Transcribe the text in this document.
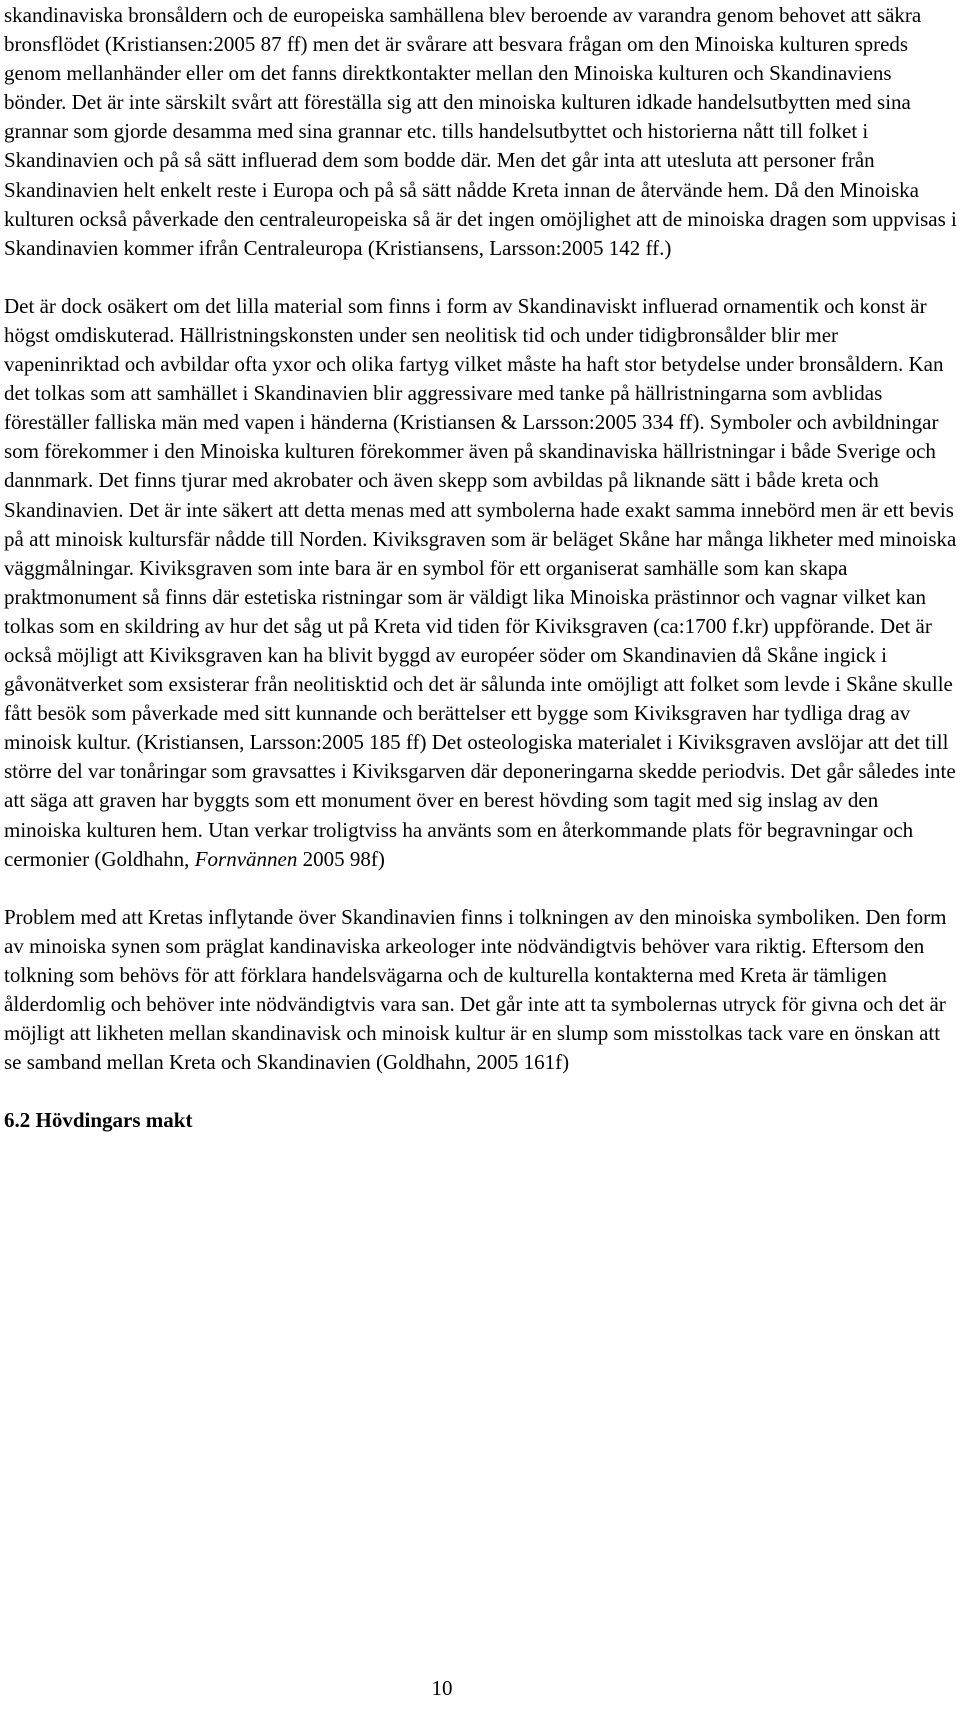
skandinaviska bronsåldern och de europeiska samhällena blev beroende av varandra genom behovet att säkra bronsflödet (Kristiansen:2005 87 ff) men det är svårare att besvara frågan om den Minoiska kulturen spreds genom mellanhänder eller om det fanns direktkontakter mellan den Minoiska kulturen och Skandinaviens bönder. Det är inte särskilt svårt att föreställa sig att den minoiska kulturen idkade handelsutbytten med sina grannar som gjorde desamma med sina grannar etc. tills handelsutbyttet och historierna nått till folket i Skandinavien och på så sätt influerad dem som bodde där. Men det går inta att utesluta att personer från Skandinavien helt enkelt reste i Europa och på så sätt nådde Kreta innan de återvände hem. Då den Minoiska kulturen också påverkade den centraleuropeiska så är det ingen omöjlighet att de minoiska dragen som uppvisas i Skandinavien kommer ifrån Centraleuropa (Kristiansens, Larsson:2005 142 ff.)

Det är dock osäkert om det lilla material som finns i form av Skandinaviskt influerad ornamentik och konst är högst omdiskuterad. Hällristningskonsten under sen neolitisk tid och under tidigbronsålder blir mer vapeninriktad och avbildar ofta yxor och olika fartyg vilket måste ha haft stor betydelse under bronsåldern. Kan det tolkas som att samhället i Skandinavien blir aggressivare med tanke på hällristningarna som avblidas föreställer falliska män med vapen i händerna (Kristiansen & Larsson:2005 334 ff). Symboler och avbildningar som förekommer i den Minoiska kulturen förekommer även på skandinaviska hällristningar i både Sverige och dannmark. Det finns tjurar med akrobater och även skepp som avbildas på liknande sätt i både kreta och Skandinavien. Det är inte säkert att detta menas med att symbolerna hade exakt samma innebörd men är ett bevis på att minoisk kultursfär nådde till Norden. Kiviksgraven som är beläget Skåne har många likheter med minoiska väggmålningar. Kiviksgraven som inte bara är en symbol för ett organiserat samhälle som kan skapa praktmonument så finns där estetiska ristningar som är väldigt lika Minoiska prästinnor och vagnar vilket kan tolkas som en skildring av hur det såg ut på Kreta vid tiden för Kiviksgraven (ca:1700 f.kr) uppförande. Det är också möjligt att Kiviksgraven kan ha blivit byggd av européer söder om Skandinavien då Skåne ingick i gåvonätverket som exsisterar från neolitisktid och det är sålunda inte omöjligt att folket som levde i Skåne skulle fått besök som påverkade med sitt kunnande och berättelser ett bygge som Kiviksgraven har tydliga drag av minoisk kultur. (Kristiansen, Larsson:2005 185 ff) Det osteologiska materialet i Kiviksgraven avslöjar att det till större del var tonåringar som gravsattes i Kiviksgarven där deponeringarna skedde periodvis. Det går således inte att säga att graven har byggts som ett monument över en berest hövding som tagit med sig inslag av den minoiska kulturen hem. Utan verkar troligtviss ha använts som en återkommande plats för begravningar och cermonier (Goldhahn, Fornvännen 2005 98f)

Problem med att Kretas inflytande över Skandinavien finns i tolkningen av den minoiska symboliken. Den form av minoiska synen som präglat kandinaviska arkeologer inte nödvändigtvis behöver vara riktig. Eftersom den tolkning som behövs för att förklara handelsvägarna och de kulturella kontakterna med Kreta är tämligen ålderdomlig och behöver inte nödvändigtvis vara san. Det går inte att ta symbolernas utryck för givna och det är möjligt att likheten mellan skandinavisk och minoisk kultur är en slump som misstolkas tack vare en önskan att se samband mellan Kreta och Skandinavien (Goldhahn, 2005 161f)

6.2 Hövdingars makt
10
